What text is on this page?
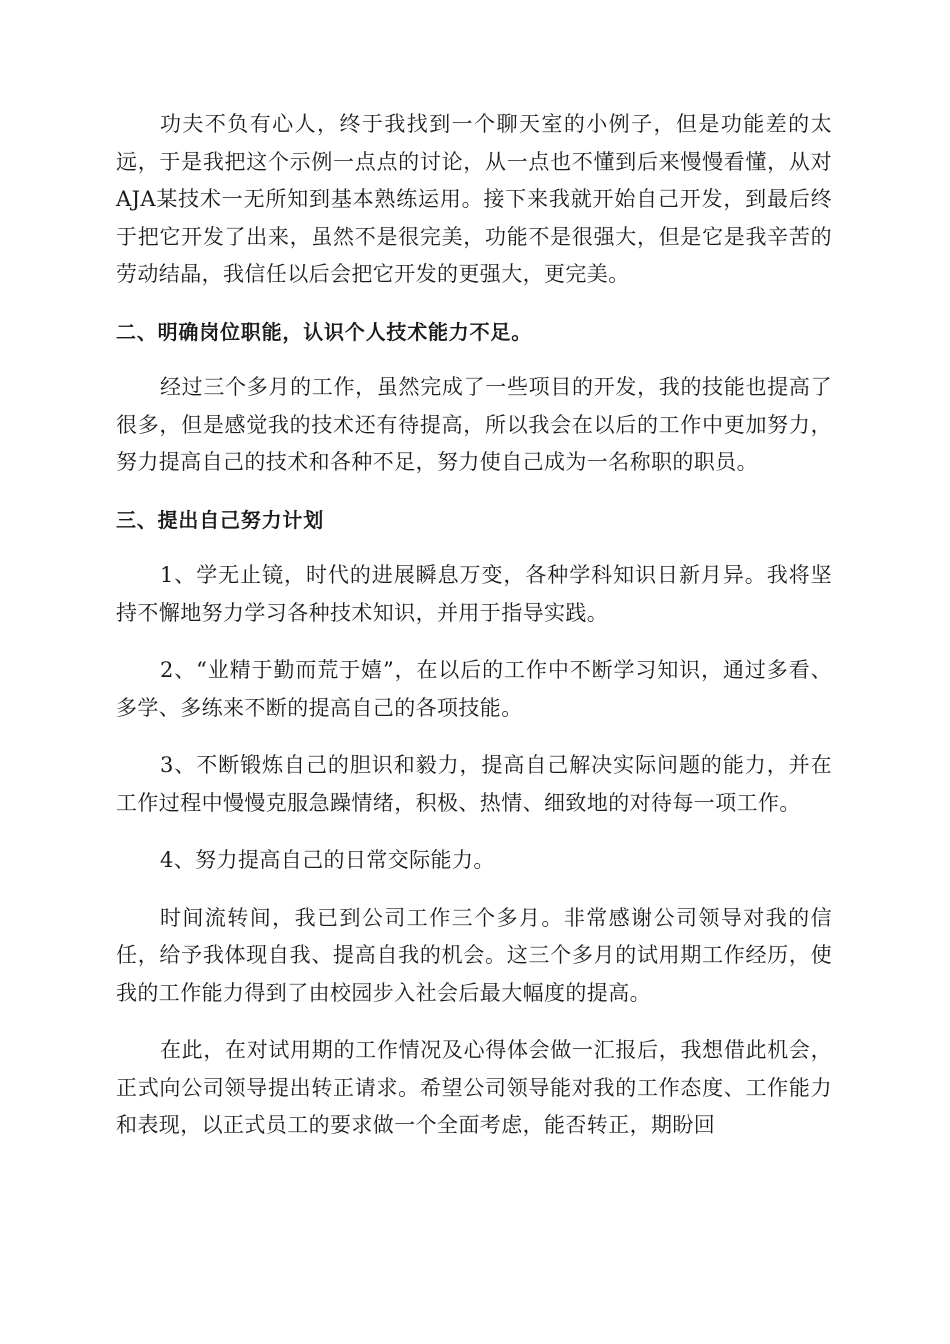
功夫不负有心人，终于我找到一个聊天室的小例子，但是功能差的太远，于是我把这个示例一点点的讨论，从一点也不懂到后来慢慢看懂，从对AJA某技术一无所知到基本熟练运用。接下来我就开始自己开发，到最后终于把它开发了出来，虽然不是很完美，功能不是很强大，但是它是我辛苦的劳动结晶，我信任以后会把它开发的更强大，更完美。

二、明确岗位职能，认识个人技术能力不足。

经过三个多月的工作，虽然完成了一些项目的开发，我的技能也提高了很多，但是感觉我的技术还有待提高，所以我会在以后的工作中更加努力，努力提高自己的技术和各种不足，努力使自己成为一名称职的职员。

三、提出自己努力计划

1、学无止镜，时代的进展瞬息万变，各种学科知识日新月异。我将坚持不懈地努力学习各种技术知识，并用于指导实践。

2、“业精于勤而荒于嬉”，在以后的工作中不断学习知识，通过多看、多学、多练来不断的提高自己的各项技能。

3、不断锻炼自己的胆识和毅力，提高自己解决实际问题的能力，并在工作过程中慢慢克服急躁情绪，积极、热情、细致地的对待每一项工作。

4、努力提高自己的日常交际能力。

时间流转间，我已到公司工作三个多月。非常感谢公司领导对我的信任，给予我体现自我、提高自我的机会。这三个多月的试用期工作经历，使我的工作能力得到了由校园步入社会后最大幅度的提高。

在此，在对试用期的工作情况及心得体会做一汇报后，我想借此机会，正式向公司领导提出转正请求。希望公司领导能对我的工作态度、工作能力和表现，以正式员工的要求做一个全面考虑，能否转正，期盼回
